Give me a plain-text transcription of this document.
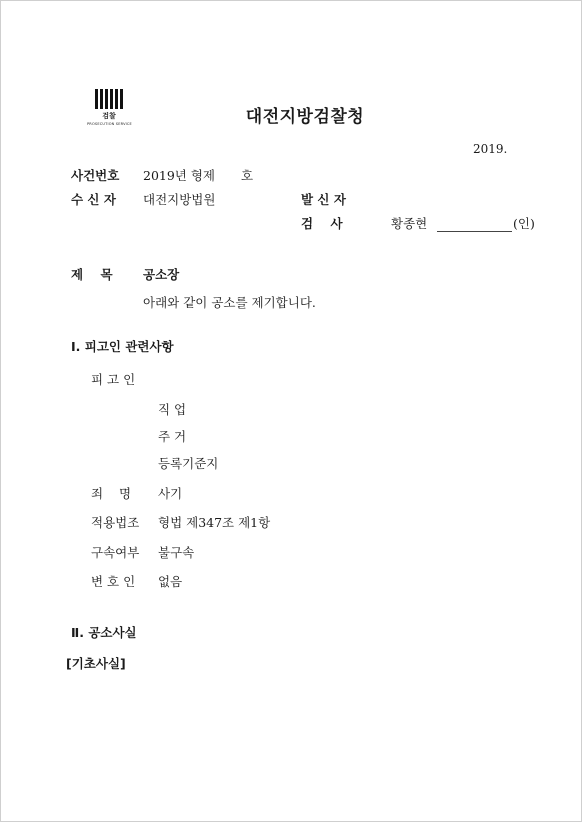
검찰
PROSECUTION SERVICE	대전지방검찰청
2019.
사건번호 2019년 형제 호
수 신 자 대전지방법원	발 신 자
검    사	황종현	(인)
제    목 공소장
아래와 같이 공소를 제기합니다.
Ⅰ. 피고인 관련사항
피 고 인
직 업
주 거
등록기준지
죄    명 사기
적용법조 형법 제347조 제1항
구속여부 불구속
변 호 인 없음
Ⅱ. 공소사실
[기초사실]
